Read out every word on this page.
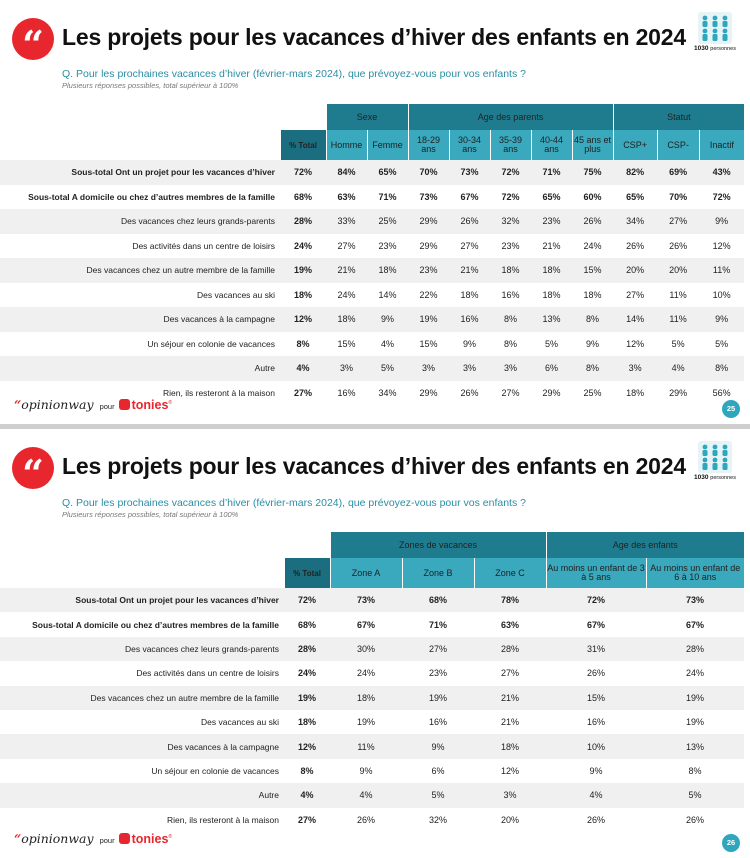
“ Les projets pour les vacances d’hiver des enfants en 2024
Q. Pour les prochaines vacances d’hiver (février-mars 2024), que prévoyez-vous pour vos enfants ?
Plusieurs réponses possibles, total supérieur à 100%
1030 personnes
		Sexe		Age des parents					Statut		
	% Total	Homme	Femme	18-29 ans	30-34 ans	35-39 ans	40-44 ans	45 ans et plus	CSP+	CSP-	Inactif
Sous-total Ont un projet pour les vacances d’hiver	72%	84%	65%	70%	73%	72%	71%	75%	82%	69%	43%
Sous-total A domicile ou chez d’autres membres de la famille	68%	63%	71%	73%	67%	72%	65%	60%	65%	70%	72%
Des vacances chez leurs grands-parents	28%	33%	25%	29%	26%	32%	23%	26%	34%	27%	9%
Des activités dans un centre de loisirs	24%	27%	23%	29%	27%	23%	21%	24%	26%	26%	12%
Des vacances chez un autre membre de la famille	19%	21%	18%	23%	21%	18%	18%	15%	20%	20%	11%
Des vacances au ski	18%	24%	14%	22%	18%	16%	18%	18%	27%	11%	10%
Des vacances à la campagne	12%	18%	9%	19%	16%	8%	13%	8%	14%	11%	9%
Un séjour en colonie de vacances	8%	15%	4%	15%	9%	8%	5%	9%	12%	5%	5%
Autre	4%	3%	5%	3%	3%	3%	6%	8%	3%	4%	8%
Rien, ils resteront à la maison	27%	16%	34%	29%	26%	27%	29%	25%	18%	29%	56%
“opinionway pour tonies®
25
“ Les projets pour les vacances d’hiver des enfants en 2024
Q. Pour les prochaines vacances d’hiver (février-mars 2024), que prévoyez-vous pour vos enfants ?
Plusieurs réponses possibles, total supérieur à 100%
1030 personnes
		Zones de vacances			Age des enfants	
	% Total	Zone A	Zone B	Zone C	Au moins un enfant de 3 à 5 ans	Au moins un enfant de 6 à 10 ans
Sous-total Ont un projet pour les vacances d’hiver	72%	73%	68%	78%	72%	73%
Sous-total A domicile ou chez d’autres membres de la famille	68%	67%	71%	63%	67%	67%
Des vacances chez leurs grands-parents	28%	30%	27%	28%	31%	28%
Des activités dans un centre de loisirs	24%	24%	23%	27%	26%	24%
Des vacances chez un autre membre de la famille	19%	18%	19%	21%	15%	19%
Des vacances au ski	18%	19%	16%	21%	16%	19%
Des vacances à la campagne	12%	11%	9%	18%	10%	13%
Un séjour en colonie de vacances	8%	9%	6%	12%	9%	8%
Autre	4%	4%	5%	3%	4%	5%
Rien, ils resteront à la maison	27%	26%	32%	20%	26%	26%
“opinionway pour tonies®
26
